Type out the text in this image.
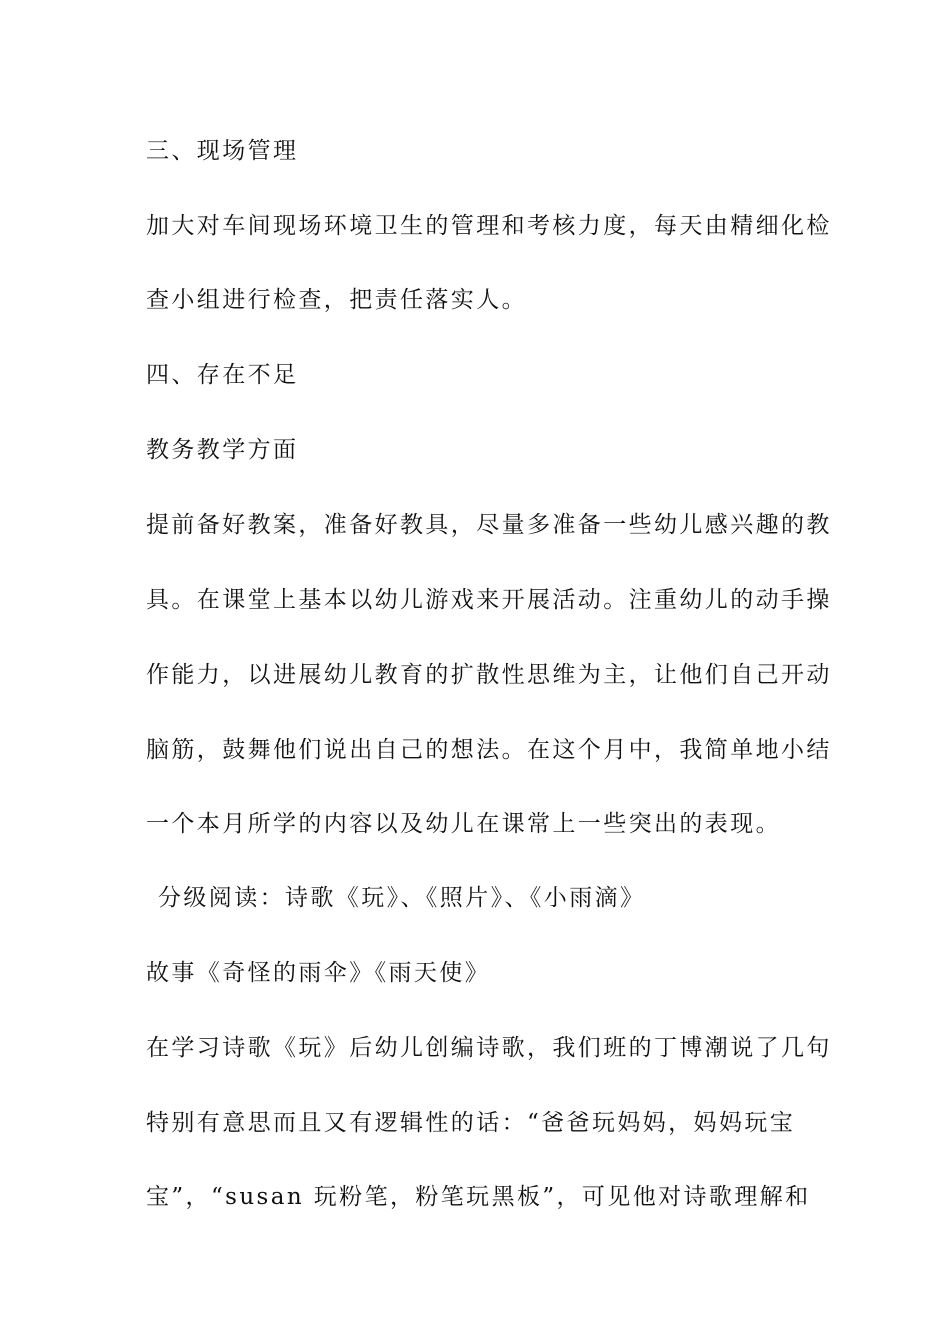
三、现场管理
加大对车间现场环境卫生的管理和考核力度，每天由精细化检
查小组进行检查，把责任落实人。
四、存在不足
教务教学方面
提前备好教案，准备好教具，尽量多准备一些幼儿感兴趣的教
具。在课堂上基本以幼儿游戏来开展活动。注重幼儿的动手操
作能力，以进展幼儿教育的扩散性思维为主，让他们自己开动
脑筋，鼓舞他们说出自己的想法。在这个月中，我简单地小结
一个本月所学的内容以及幼儿在课常上一些突出的表现。
分级阅读：诗歌《玩》、《照片》、《小雨滴》
故事《奇怪的雨伞》《雨天使》
在学习诗歌《玩》后幼儿创编诗歌，我们班的丁博潮说了几句
特别有意思而且又有逻辑性的话：“爸爸玩妈妈，妈妈玩宝
宝”，“susan 玩粉笔，粉笔玩黑板”，可见他对诗歌理解和
